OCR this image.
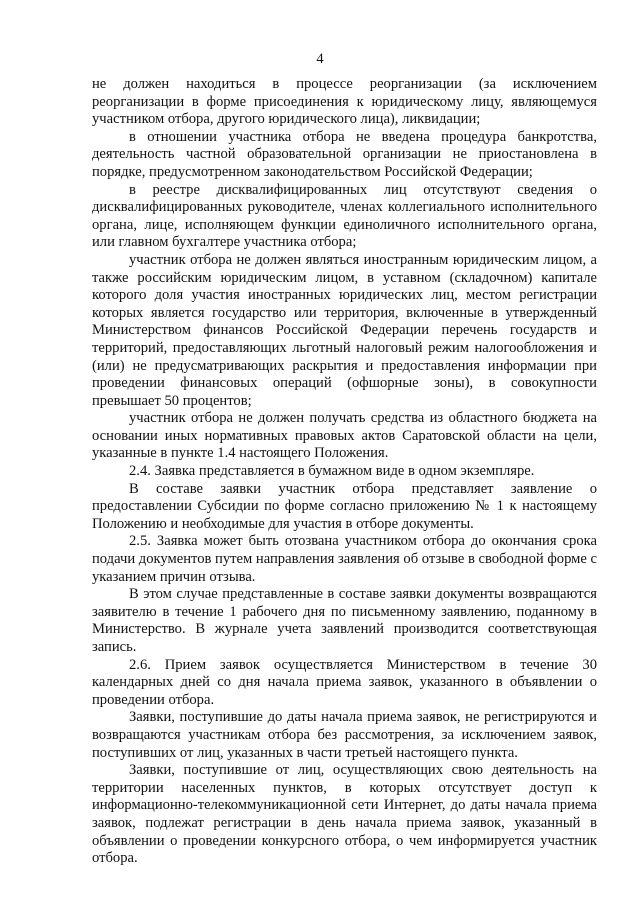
4

не должен находиться в процессе реорганизации (за исключением реорганизации в форме присоединения к юридическому лицу, являющемуся участником отбора, другого юридического лица), ликвидации;

в отношении участника отбора не введена процедура банкротства, деятельность частной образовательной организации не приостановлена в порядке, предусмотренном законодательством Российской Федерации;

в реестре дисквалифицированных лиц отсутствуют сведения о дисквалифицированных руководителе, членах коллегиального исполнительного органа, лице, исполняющем функции единоличного исполнительного органа, или главном бухгалтере участника отбора;

участник отбора не должен являться иностранным юридическим лицом, а также российским юридическим лицом, в уставном (складочном) капитале которого доля участия иностранных юридических лиц, местом регистрации которых является государство или территория, включенные в утвержденный Министерством финансов Российской Федерации перечень государств и территорий, предоставляющих льготный налоговый режим налогообложения и (или) не предусматривающих раскрытия и предоставления информации при проведении финансовых операций (офшорные зоны), в совокупности превышает 50 процентов;

участник отбора не должен получать средства из областного бюджета на основании иных нормативных правовых актов Саратовской области на цели, указанные в пункте 1.4 настоящего Положения.

2.4. Заявка представляется в бумажном виде в одном экземпляре.

В составе заявки участник отбора представляет заявление о предоставлении Субсидии по форме согласно приложению № 1 к настоящему Положению и необходимые для участия в отборе документы.

2.5. Заявка может быть отозвана участником отбора до окончания срока подачи документов путем направления заявления об отзыве в свободной форме с указанием причин отзыва.

В этом случае представленные в составе заявки документы возвращаются заявителю в течение 1 рабочего дня по письменному заявлению, поданному в Министерство. В журнале учета заявлений производится соответствующая запись.

2.6. Прием заявок осуществляется Министерством в течение 30 календарных дней со дня начала приема заявок, указанного в объявлении о проведении отбора.

Заявки, поступившие до даты начала приема заявок, не регистрируются и возвращаются участникам отбора без рассмотрения, за исключением заявок, поступивших от лиц, указанных в части третьей настоящего пункта.

Заявки, поступившие от лиц, осуществляющих свою деятельность на территории населенных пунктов, в которых отсутствует доступ к информационно-телекоммуникационной сети Интернет, до даты начала приема заявок, подлежат регистрации в день начала приема заявок, указанный в объявлении о проведении конкурсного отбора, о чем информируется участник отбора.
